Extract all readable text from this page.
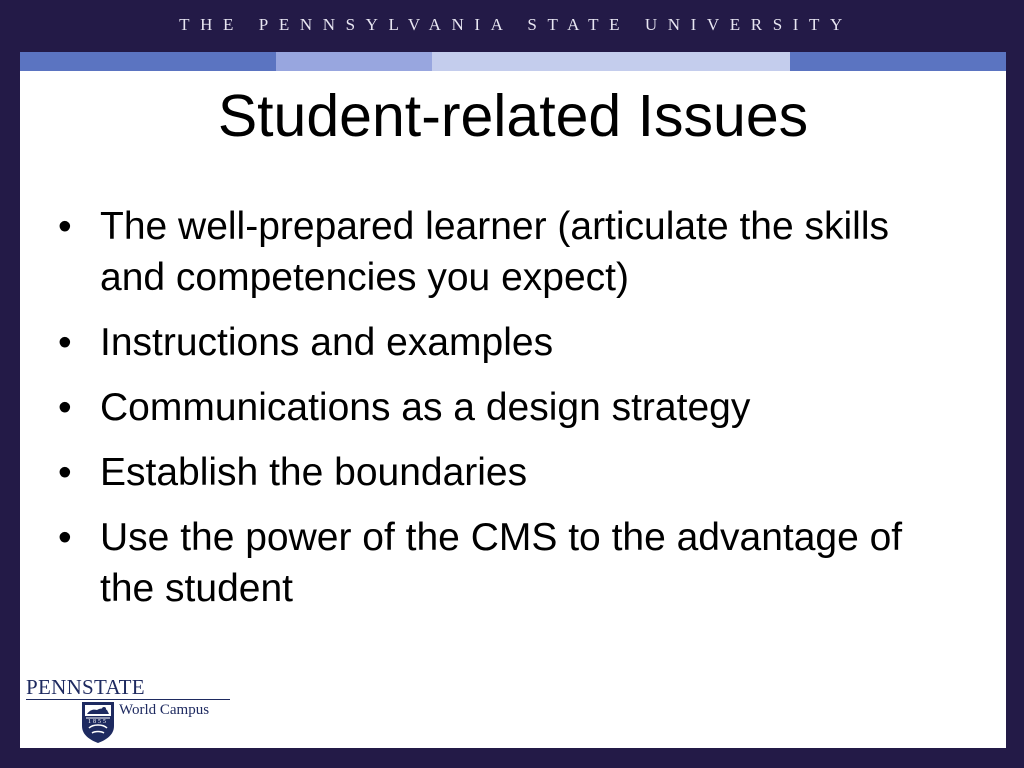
THE PENNSYLVANIA STATE UNIVERSITY
Student-related Issues
• The well-prepared learner (articulate the skills and competencies you expect)
• Instructions and examples
• Communications as a design strategy
• Establish the boundaries
• Use the power of the CMS to the advantage of the student
PENNSTATE
1855
World Campus
